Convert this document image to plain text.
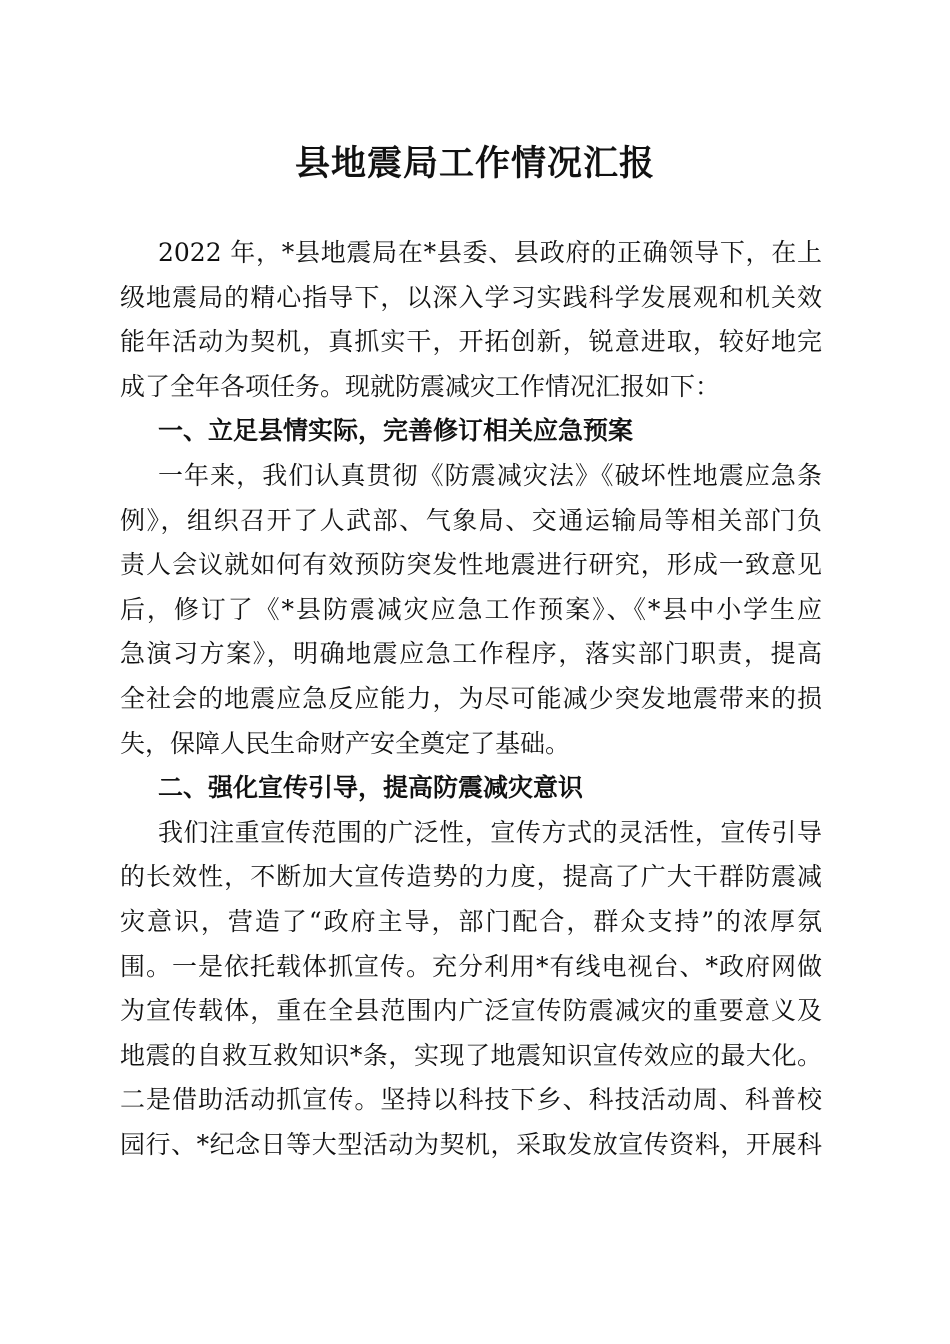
县地震局工作情况汇报
2022 年，*县地震局在*县委、县政府的正确领导下，在上
级地震局的精心指导下，以深入学习实践科学发展观和机关效
能年活动为契机，真抓实干，开拓创新，锐意进取，较好地完
成了全年各项任务。现就防震减灾工作情况汇报如下：
一、立足县情实际，完善修订相关应急预案
一年来，我们认真贯彻《防震减灾法》《破坏性地震应急条
例》，组织召开了人武部、气象局、交通运输局等相关部门负
责人会议就如何有效预防突发性地震进行研究，形成一致意见
后，修订了《*县防震减灾应急工作预案》、《*县中小学生应
急演习方案》，明确地震应急工作程序，落实部门职责，提高
全社会的地震应急反应能力，为尽可能减少突发地震带来的损
失，保障人民生命财产安全奠定了基础。
二、强化宣传引导，提高防震减灾意识
我们注重宣传范围的广泛性，宣传方式的灵活性，宣传引导
的长效性，不断加大宣传造势的力度，提高了广大干群防震减
灾意识，营造了“政府主导，部门配合，群众支持”的浓厚氛
围。一是依托载体抓宣传。充分利用*有线电视台、*政府网做
为宣传载体，重在全县范围内广泛宣传防震减灾的重要意义及
地震的自救互救知识*条，实现了地震知识宣传效应的最大化。
二是借助活动抓宣传。坚持以科技下乡、科技活动周、科普校
园行、*纪念日等大型活动为契机，采取发放宣传资料，开展科
